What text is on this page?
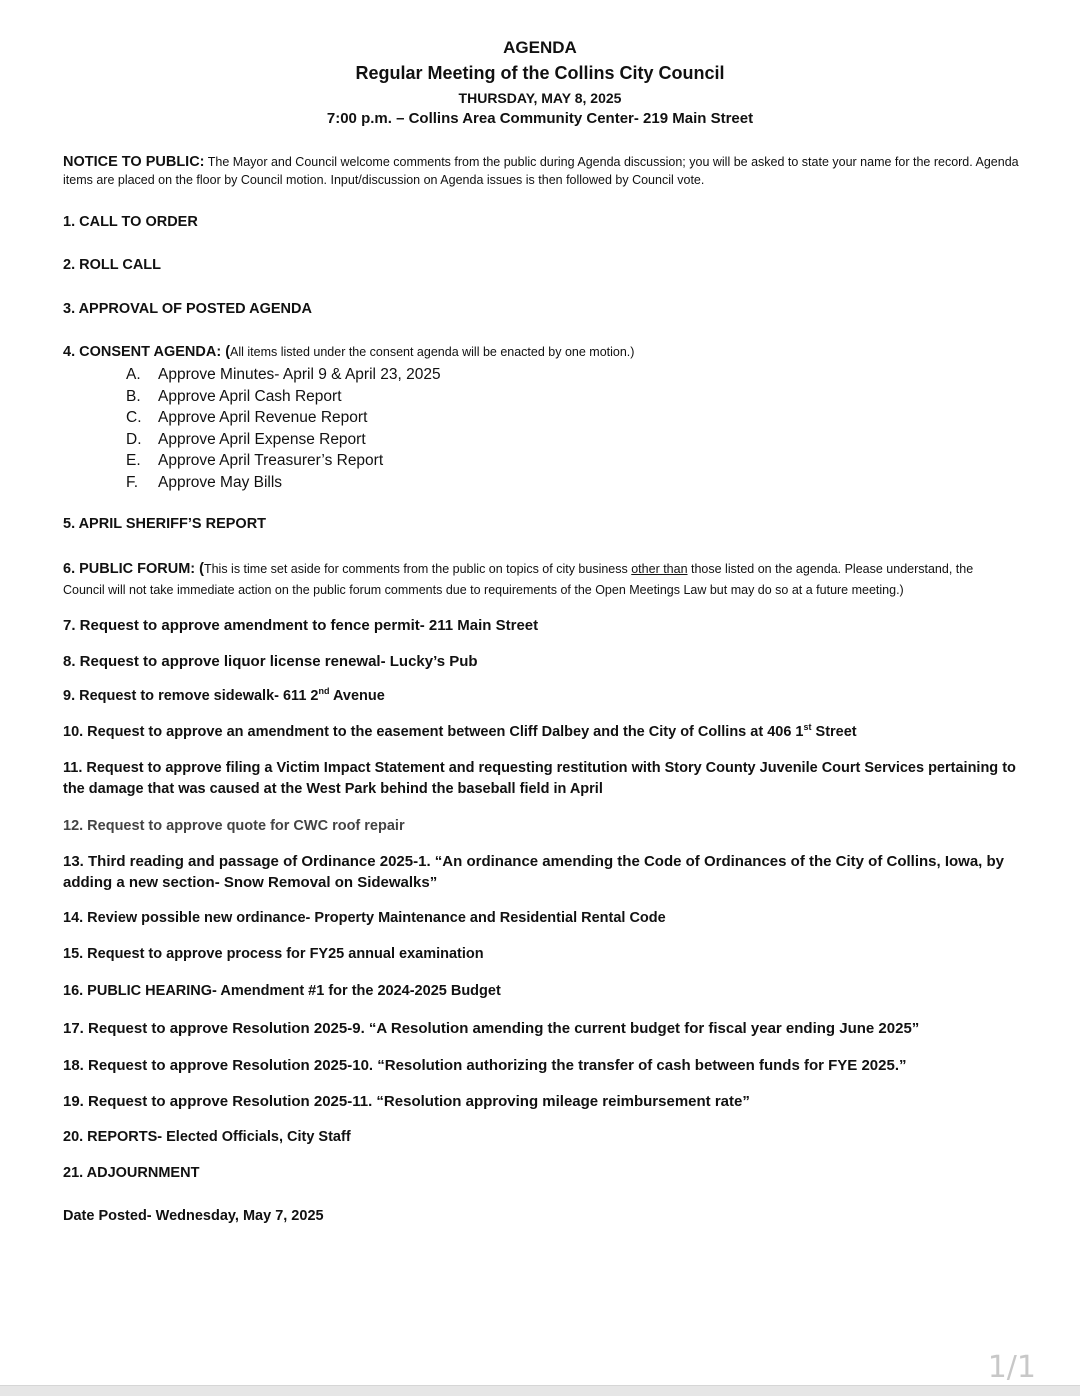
AGENDA
Regular Meeting of the Collins City Council
THURSDAY, MAY 8, 2025
7:00 p.m. – Collins Area Community Center- 219 Main Street
NOTICE TO PUBLIC: The Mayor and Council welcome comments from the public during Agenda discussion; you will be asked to state your name for the record. Agenda items are placed on the floor by Council motion. Input/discussion on Agenda issues is then followed by Council vote.
1. CALL TO ORDER
2. ROLL CALL
3. APPROVAL OF POSTED AGENDA
4. CONSENT AGENDA: (All items listed under the consent agenda will be enacted by one motion.)
A.	Approve Minutes- April 9 & April 23, 2025
B.	Approve April Cash Report
C.	Approve April Revenue Report
D.	Approve April Expense Report
E.	Approve April Treasurer’s Report
F.	Approve May Bills
5. APRIL SHERIFF’S REPORT
6. PUBLIC FORUM: (This is time set aside for comments from the public on topics of city business other than those listed on the agenda. Please understand, the Council will not take immediate action on the public forum comments due to requirements of the Open Meetings Law but may do so at a future meeting.)
7. Request to approve amendment to fence permit- 211 Main Street
8. Request to approve liquor license renewal- Lucky’s Pub
9. Request to remove sidewalk- 611 2nd Avenue
10. Request to approve an amendment to the easement between Cliff Dalbey and the City of Collins at 406 1st Street
11. Request to approve filing a Victim Impact Statement and requesting restitution with Story County Juvenile Court Services pertaining to the damage that was caused at the West Park behind the baseball field in April
12. Request to approve quote for CWC roof repair
13. Third reading and passage of Ordinance 2025-1. “An ordinance amending the Code of Ordinances of the City of Collins, Iowa, by adding a new section- Snow Removal on Sidewalks”
14. Review possible new ordinance- Property Maintenance and Residential Rental Code
15. Request to approve process for FY25 annual examination
16. PUBLIC HEARING- Amendment #1 for the 2024-2025 Budget
17. Request to approve Resolution 2025-9. “A Resolution amending the current budget for fiscal year ending June 2025”
18. Request to approve Resolution 2025-10. “Resolution authorizing the transfer of cash between funds for FYE 2025.”
19. Request to approve Resolution 2025-11. “Resolution approving mileage reimbursement rate”
20. REPORTS- Elected Officials, City Staff
21. ADJOURNMENT
Date Posted- Wednesday, May 7, 2025
1/1
